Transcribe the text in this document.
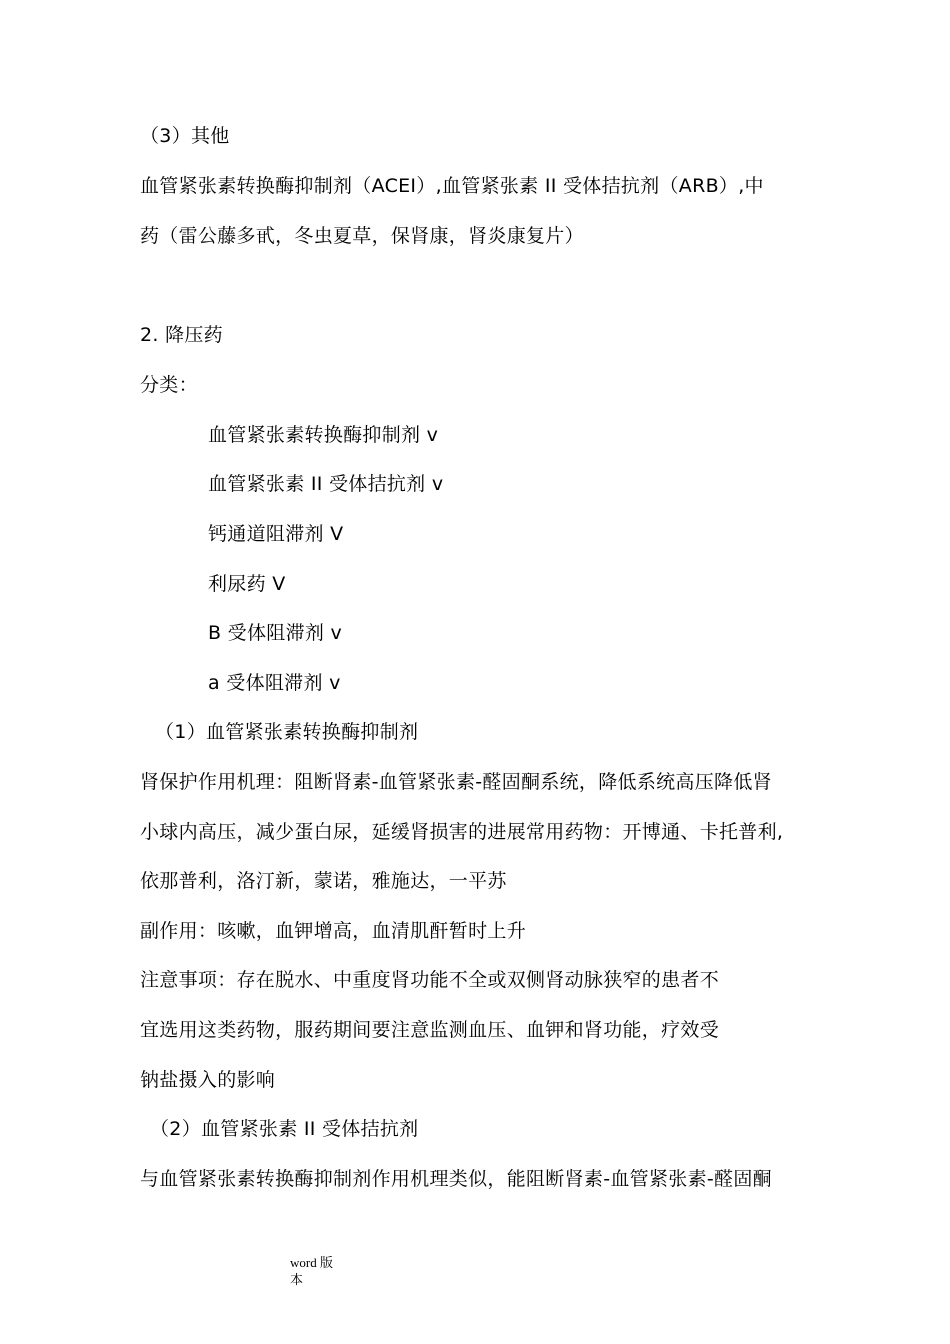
（3）其他
血管紧张素转换酶抑制剂（ACEI）,血管紧张素 II 受体拮抗剂（ARB）,中
药（雷公藤多甙，冬虫夏草，保肾康，肾炎康复片）
2. 降压药
分类：
血管紧张素转换酶抑制剂 v
血管紧张素 II 受体拮抗剂 v
钙通道阻滞剂 V
利尿药 V
B 受体阻滞剂 v
a 受体阻滞剂 v
（1）血管紧张素转换酶抑制剂
肾保护作用机理：阻断肾素-血管紧张素-醛固酮系统，降低系统高压降低肾
小球内高压，减少蛋白尿，延缓肾损害的进展常用药物：开博通、卡托普利,
依那普利，洛汀新，蒙诺，雅施达，一平苏
副作用：咳嗽，血钾增高，血清肌酐暂时上升
注意事项：存在脱水、中重度肾功能不全或双侧肾动脉狭窄的患者不
宜选用这类药物，服药期间要注意监测血压、血钾和肾功能，疗效受
钠盐摄入的影响
（2）血管紧张素 II 受体拮抗剂
与血管紧张素转换酶抑制剂作用机理类似，能阻断肾素-血管紧张素-醛固酮
word 版
本
